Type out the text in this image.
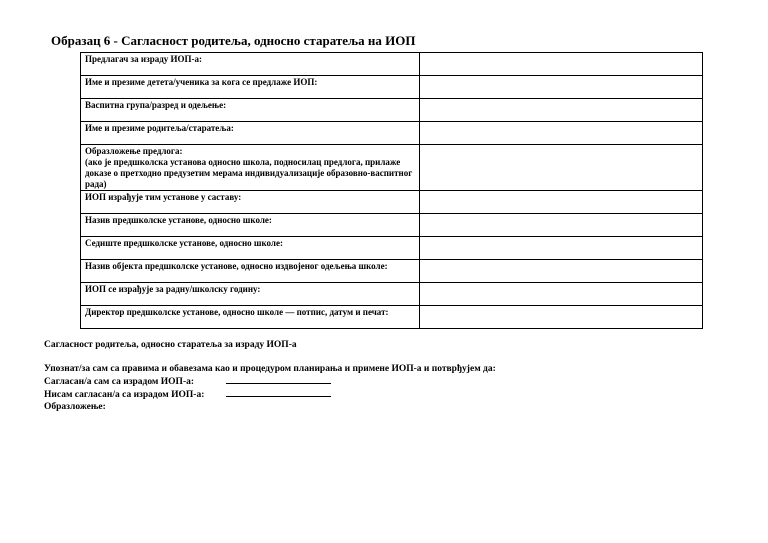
Образац 6 - Сагласност родитеља, односно старатеља на ИОП
Предлагач за израду ИОП-а:	
Име и презиме детета/ученика за кога се предлаже ИОП:	
Васпитна група/разред и одељење:	
Име и презиме родитеља/старатеља:	
Образложење предлога:
(ако је предшколска установа односно школа, подносилац предлога, прилаже доказе о претходно предузетим мерама индивидуализације образовно-васпитног рада)	
ИОП израђује тим установе у саставу:	
Назив предшколске установе, односно школе:	
Седиште предшколске установе, односно школе:	
Назив објекта предшколске установе, односно издвојеног одељења школе:	
ИОП се израђује за радну/школску годину:	
Директор предшколске установе, односно школе — потпис, датум и печат:	
Сагласност родитеља, односно старатеља за израду ИОП-а
Упознат/за сам са правима и обавезама као и процедуром планирања и примене ИОП-а и потврђујем да:
Сагласан/а сам са израдом ИОП-а:
Нисам сагласан/а са израдом ИОП-а:
Образложење:
